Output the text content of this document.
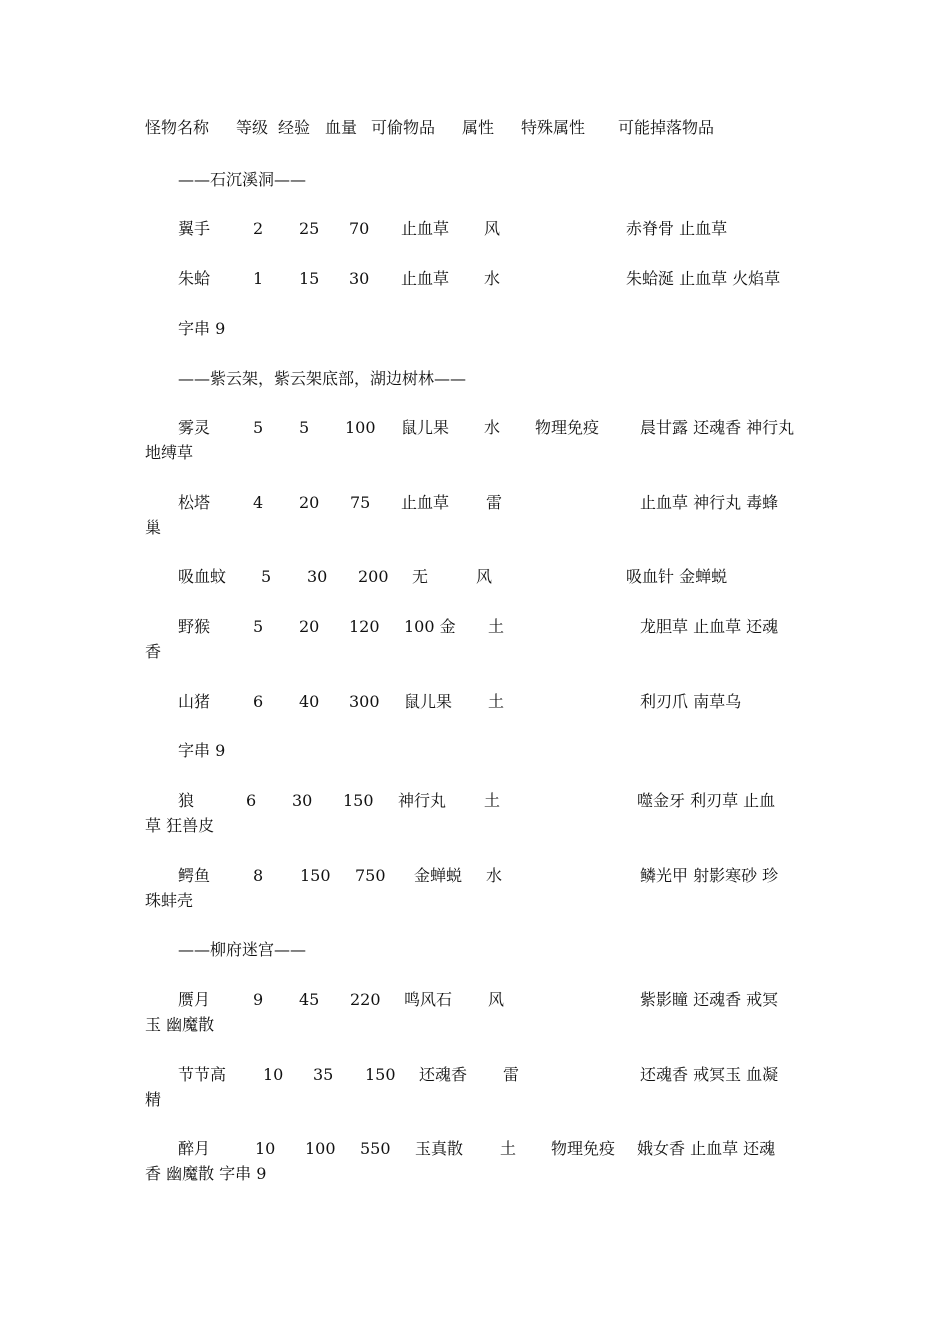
怪物名称 等级 经验 血量 可偷物品 属性 特殊属性 可能掉落物品
——石沉溪洞——
翼手	2 25 70 止血草 风	赤脊骨 止血草
朱蛤	1 15 30 止血草 水	朱蛤涎 止血草 火焰草
字串 9
——紫云架，紫云架底部，湖边树林——
雾灵	5 5 100 鼠儿果 水 物理免疫	晨甘露 还魂香 神行丸
地缚草
松塔	4 20 75 止血草 雷	止血草 神行丸 毒蜂
巢
吸血蚊 5 30 200 无	风	吸血针 金蝉蜕
野猴	5 20 120 100 金 土	龙胆草 止血草 还魂
香
山猪	6 40 300 鼠儿果 土	利刃爪 南草乌
字串 9
狼	6 30 150 神行丸 土	噬金牙 利刃草 止血
草 狂兽皮
鳄鱼	8 150 750 金蝉蜕 水	鳞光甲 射影寒砂 珍
珠蚌壳
——柳府迷宫——
赝月	9 45 220 鸣风石 风	紫影瞳 还魂香 戒冥
玉 幽魔散
节节高 10 35 150 还魂香 雷	还魂香 戒冥玉 血凝
精
醉月	10 100 550 玉真散 土 物理免疫 娥女香 止血草 还魂
香 幽魔散 字串 9
